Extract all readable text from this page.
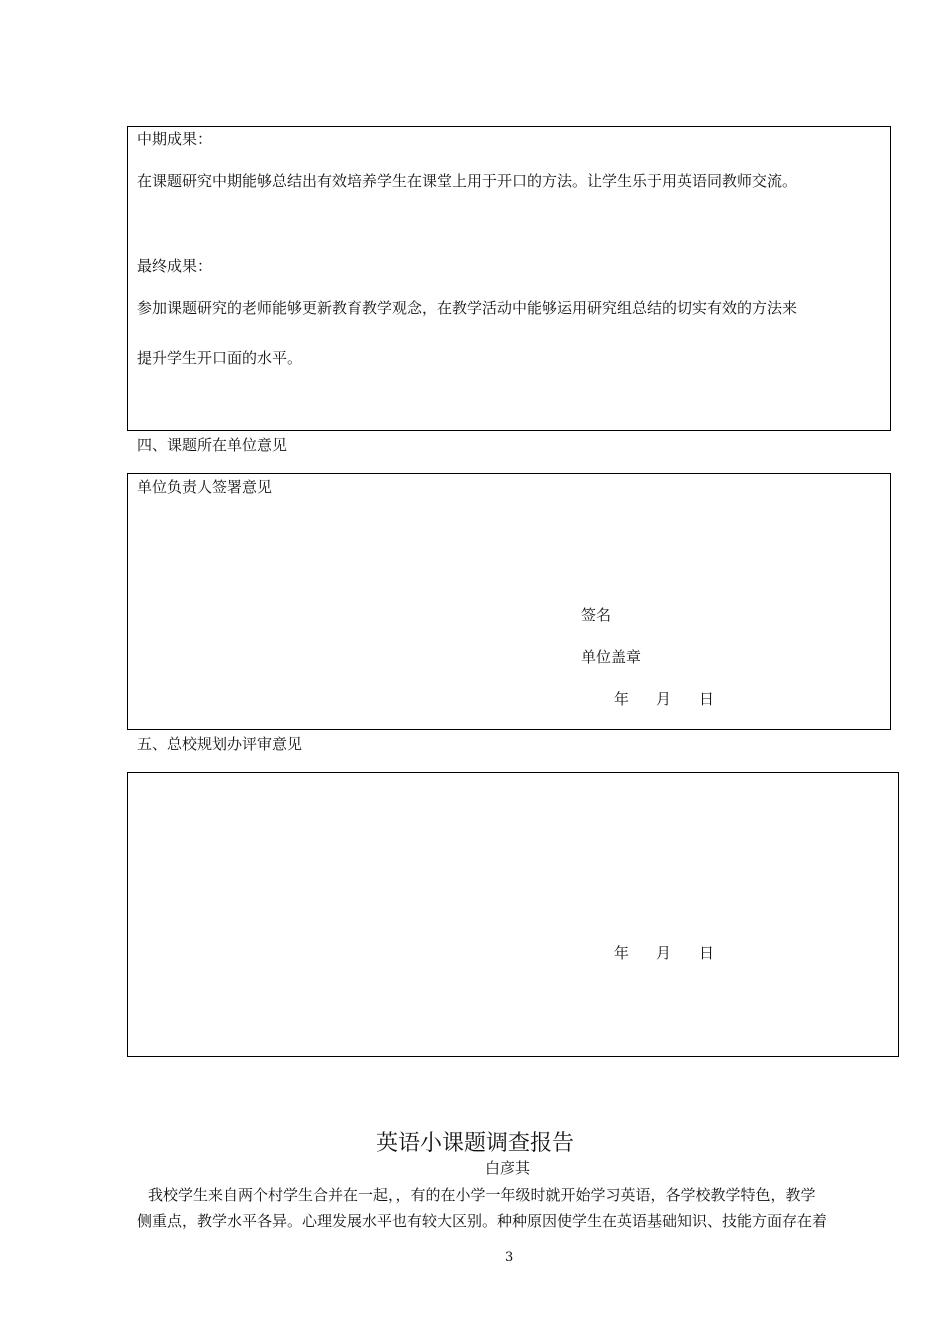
中期成果：
在课题研究中期能够总结出有效培养学生在课堂上用于开口的方法。让学生乐于用英语同教师交流。
最终成果：
参加课题研究的老师能够更新教育教学观念，在教学活动中能够运用研究组总结的切实有效的方法来
提升学生开口面的水平。
四、课题所在单位意见
单位负责人签署意见
签名
单位盖章
年 月 日
五、总校规划办评审意见
年 月 日
英语小课题调查报告
白彦其
我校学生来自两个村学生合并在一起，，有的在小学一年级时就开始学习英语，各学校教学特色，教学
侧重点，教学水平各异。心理发展水平也有较大区别。种种原因使学生在英语基础知识、技能方面存在着
3
